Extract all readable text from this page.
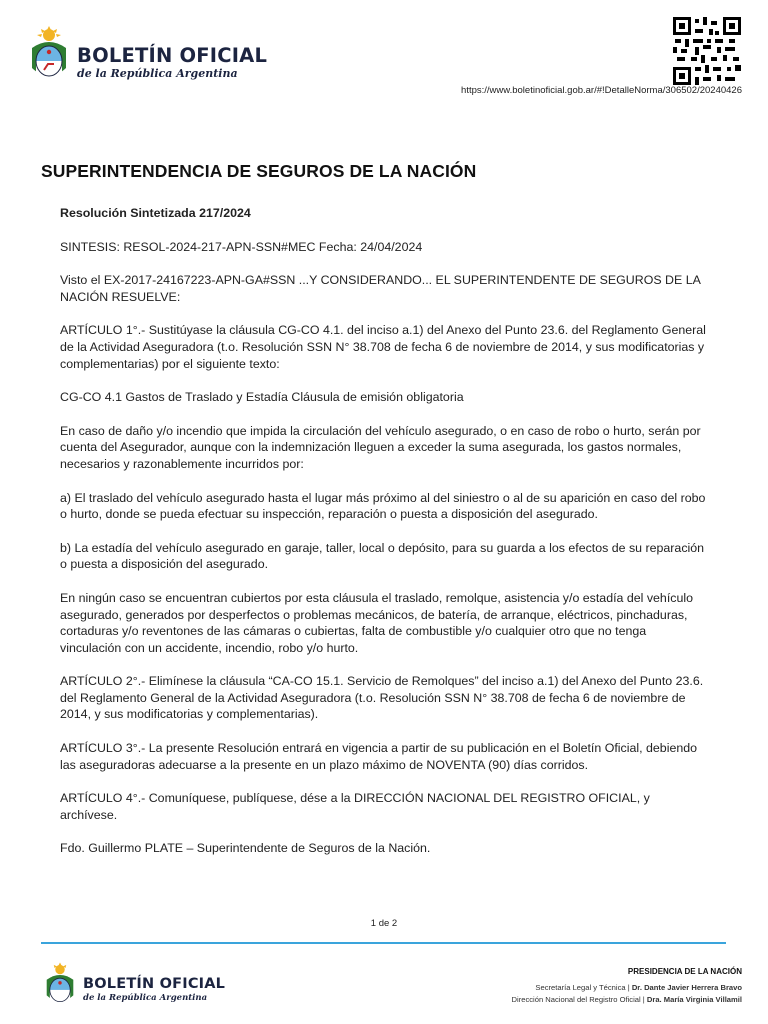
BOLETÍN OFICIAL
de la República Argentina
https://www.boletinoficial.gob.ar/#!DetalleNorma/306502/20240426
SUPERINTENDENCIA DE SEGUROS DE LA NACIÓN

Resolución Sintetizada 217/2024

SINTESIS: RESOL-2024-217-APN-SSN#MEC Fecha: 24/04/2024

Visto el EX-2017-24167223-APN-GA#SSN ...Y CONSIDERANDO... EL SUPERINTENDENTE DE SEGUROS DE LA NACIÓN RESUELVE:

ARTÍCULO 1°.- Sustitúyase la cláusula CG-CO 4.1. del inciso a.1) del Anexo del Punto 23.6. del Reglamento General de la Actividad Aseguradora (t.o. Resolución SSN N° 38.708 de fecha 6 de noviembre de 2014, y sus modificatorias y complementarias) por el siguiente texto:

CG-CO 4.1 Gastos de Traslado y Estadía Cláusula de emisión obligatoria

En caso de daño y/o incendio que impida la circulación del vehículo asegurado, o en caso de robo o hurto, serán por cuenta del Asegurador, aunque con la indemnización lleguen a exceder la suma asegurada, los gastos normales, necesarios y razonablemente incurridos por:

a) El traslado del vehículo asegurado hasta el lugar más próximo al del siniestro o al de su aparición en caso del robo o hurto, donde se pueda efectuar su inspección, reparación o puesta a disposición del asegurado.

b) La estadía del vehículo asegurado en garaje, taller, local o depósito, para su guarda a los efectos de su reparación o puesta a disposición del asegurado.

En ningún caso se encuentran cubiertos por esta cláusula el traslado, remolque, asistencia y/o estadía del vehículo asegurado, generados por desperfectos o problemas mecánicos, de batería, de arranque, eléctricos, pinchaduras, cortaduras y/o reventones de las cámaras o cubiertas, falta de combustible y/o cualquier otro que no tenga vinculación con un accidente, incendio, robo y/o hurto.

ARTÍCULO 2°.- Elimínese la cláusula “CA-CO 15.1. Servicio de Remolques” del inciso a.1) del Anexo del Punto 23.6. del Reglamento General de la Actividad Aseguradora (t.o. Resolución SSN N° 38.708 de fecha 6 de noviembre de 2014, y sus modificatorias y complementarias).

ARTÍCULO 3°.- La presente Resolución entrará en vigencia a partir de su publicación en el Boletín Oficial, debiendo las aseguradoras adecuarse a la presente en un plazo máximo de NOVENTA (90) días corridos.

ARTÍCULO 4°.- Comuníquese, publíquese, dése a la DIRECCIÓN NACIONAL DEL REGISTRO OFICIAL, y archívese.

Fdo. Guillermo PLATE – Superintendente de Seguros de la Nación.

1 de 2
BOLETÍN OFICIAL
de la República Argentina
PRESIDENCIA DE LA NACIÓN
Secretaría Legal y Técnica | Dr. Dante Javier Herrera Bravo
Dirección Nacional del Registro Oficial | Dra. María Virginia Villamil
